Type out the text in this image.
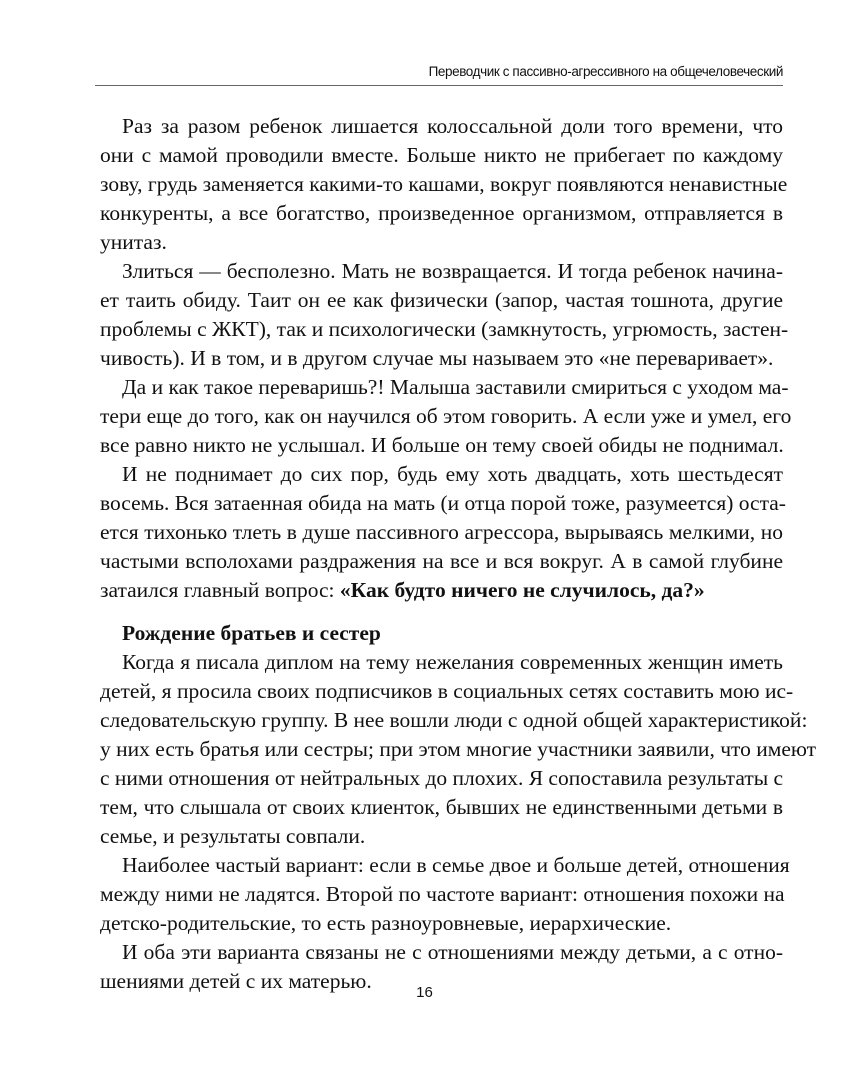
Переводчик с пассивно-агрессивного на общечеловеческий
Раз за разом ребенок лишается колоссальной доли того времени, что
они с мамой проводили вместе. Больше никто не прибегает по каждому
зову, грудь заменяется какими-то кашами, вокруг появляются ненавистные
конкуренты, а все богатство, произведенное организмом, отправляется в
унитаз.
Злиться — бесполезно. Мать не возвращается. И тогда ребенок начина-
ет таить обиду. Таит он ее как физически (запор, частая тошнота, другие
проблемы с ЖКТ), так и психологически (замкнутость, угрюмость, застен-
чивость). И в том, и в другом случае мы называем это «не переваривает».
Да и как такое переваришь?! Малыша заставили смириться с уходом ма-
тери еще до того, как он научился об этом говорить. А если уже и умел, его
все равно никто не услышал. И больше он тему своей обиды не поднимал.
И не поднимает до сих пор, будь ему хоть двадцать, хоть шестьдесят
восемь. Вся затаенная обида на мать (и отца порой тоже, разумеется) оста-
ется тихонько тлеть в душе пассивного агрессора, вырываясь мелкими, но
частыми всполохами раздражения на все и вся вокруг. А в самой глубине
затаился главный вопрос: «Как будто ничего не случилось, да?»
Рождение братьев и сестер
Когда я писала диплом на тему нежелания современных женщин иметь
детей, я просила своих подписчиков в социальных сетях составить мою ис-
следовательскую группу. В нее вошли люди с одной общей характеристикой:
у них есть братья или сестры; при этом многие участники заявили, что имеют
с ними отношения от нейтральных до плохих. Я сопоставила результаты с
тем, что слышала от своих клиенток, бывших не единственными детьми в
семье, и результаты совпали.
Наиболее частый вариант: если в семье двое и больше детей, отношения
между ними не ладятся. Второй по частоте вариант: отношения похожи на
детско-родительские, то есть разноуровневые, иерархические.
И оба эти варианта связаны не с отношениями между детьми, а с отно-
шениями детей с их матерью.	16
